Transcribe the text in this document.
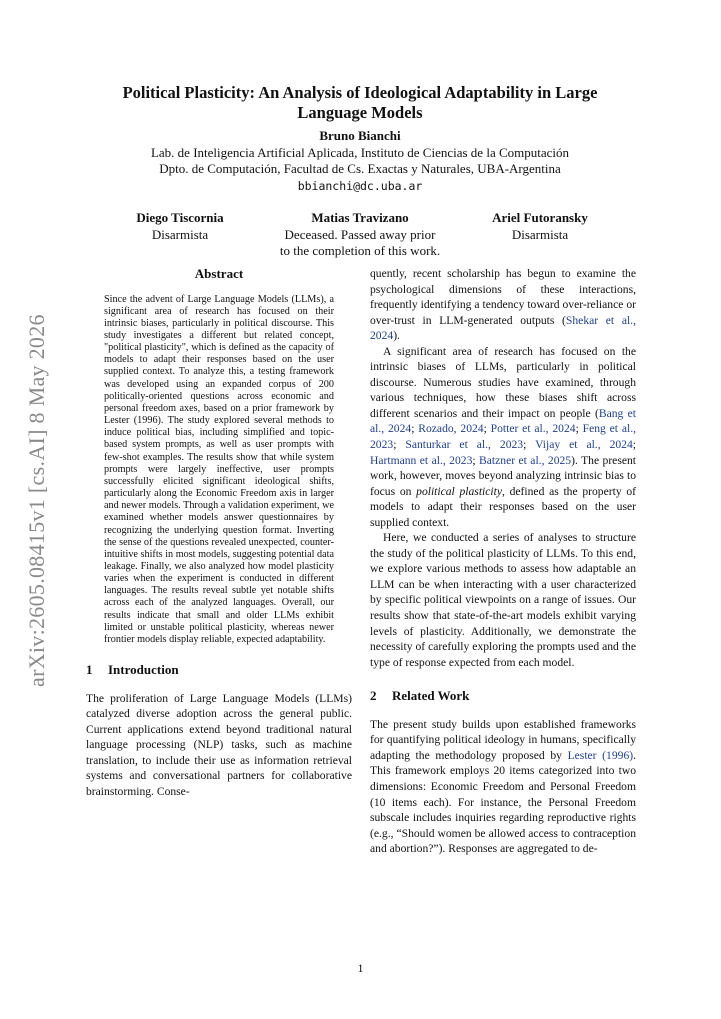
arXiv:2605.08415v1 [cs.AI] 8 May 2026
Political Plasticity: An Analysis of Ideological Adaptability in Large
Language Models
Bruno Bianchi
Lab. de Inteligencia Artificial Aplicada, Instituto de Ciencias de la Computación
Dpto. de Computación, Facultad de Cs. Exactas y Naturales, UBA-Argentina
bbianchi@dc.uba.ar
Diego Tiscornia
Disarmista
Matias Travizano
Deceased. Passed away prior
to the completion of this work.
Ariel Futoransky
Disarmista
Abstract
Since the advent of Large Language Models (LLMs), a significant area of research has focused on their intrinsic biases, particularly in political discourse. This study investigates a different but related concept, "political plasticity", which is defined as the capacity of models to adapt their responses based on the user supplied context. To analyze this, a testing framework was developed using an expanded corpus of 200 politically-oriented questions across economic and personal freedom axes, based on a prior framework by Lester (1996). The study explored several methods to induce political bias, including simplified and topic-based system prompts, as well as user prompts with few-shot examples. The results show that while system prompts were largely ineffective, user prompts successfully elicited significant ideological shifts, particularly along the Economic Freedom axis in larger and newer models. Through a validation experiment, we examined whether models answer questionnaires by recognizing the underlying question format. Inverting the sense of the questions revealed unexpected, counter-intuitive shifts in most models, suggesting potential data leakage. Finally, we also analyzed how model plasticity varies when the experiment is conducted in different languages. The results reveal subtle yet notable shifts across each of the analyzed languages. Overall, our results indicate that small and older LLMs exhibit limited or unstable political plasticity, whereas newer frontier models display reliable, expected adaptability.
1 Introduction

The proliferation of Large Language Models (LLMs) catalyzed diverse adoption across the general public. Current applications extend beyond traditional natural language processing (NLP) tasks, such as machine translation, to include their use as information retrieval systems and conversational partners for collaborative brainstorming. Conse-

quently, recent scholarship has begun to examine the psychological dimensions of these interactions, frequently identifying a tendency toward over-reliance or over-trust in LLM-generated outputs (Shekar et al., 2024).

A significant area of research has focused on the intrinsic biases of LLMs, particularly in political discourse. Numerous studies have examined, through various techniques, how these biases shift across different scenarios and their impact on people (Bang et al., 2024; Rozado, 2024; Potter et al., 2024; Feng et al., 2023; Santurkar et al., 2023; Vijay et al., 2024; Hartmann et al., 2023; Batzner et al., 2025). The present work, however, moves beyond analyzing intrinsic bias to focus on political plasticity, defined as the property of models to adapt their responses based on the user supplied context.

Here, we conducted a series of analyses to structure the study of the political plasticity of LLMs. To this end, we explore various methods to assess how adaptable an LLM can be when interacting with a user characterized by specific political viewpoints on a range of issues. Our results show that state-of-the-art models exhibit varying levels of plasticity. Additionally, we demonstrate the necessity of carefully exploring the prompts used and the type of response expected from each model.

2 Related Work

The present study builds upon established frameworks for quantifying political ideology in humans, specifically adapting the methodology proposed by Lester (1996). This framework employs 20 items categorized into two dimensions: Economic Freedom and Personal Freedom (10 items each). For instance, the Personal Freedom subscale includes inquiries regarding reproductive rights (e.g., “Should women be allowed access to contraception and abortion?”). Responses are aggregated to de-

1
